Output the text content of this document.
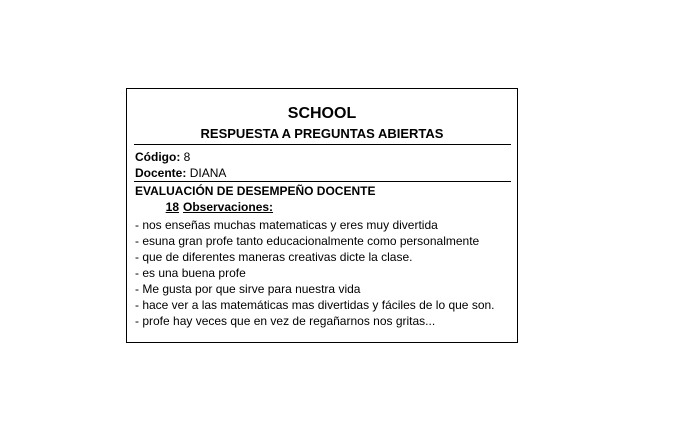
SCHOOL
RESPUESTA A PREGUNTAS ABIERTAS
Código: 8
Docente: DIANA
EVALUACIÓN DE DESEMPEÑO DOCENTE
18 Observaciones:
- nos enseñas muchas matematicas y eres muy divertida
- esuna gran profe tanto educacionalmente como personalmente
- que de diferentes maneras creativas dicte la clase.
- es una buena profe
- Me gusta por que sirve para nuestra vida
- hace ver a las matemáticas mas divertidas y fáciles de lo que son.
- profe hay veces que en vez de regañarnos nos gritas...
